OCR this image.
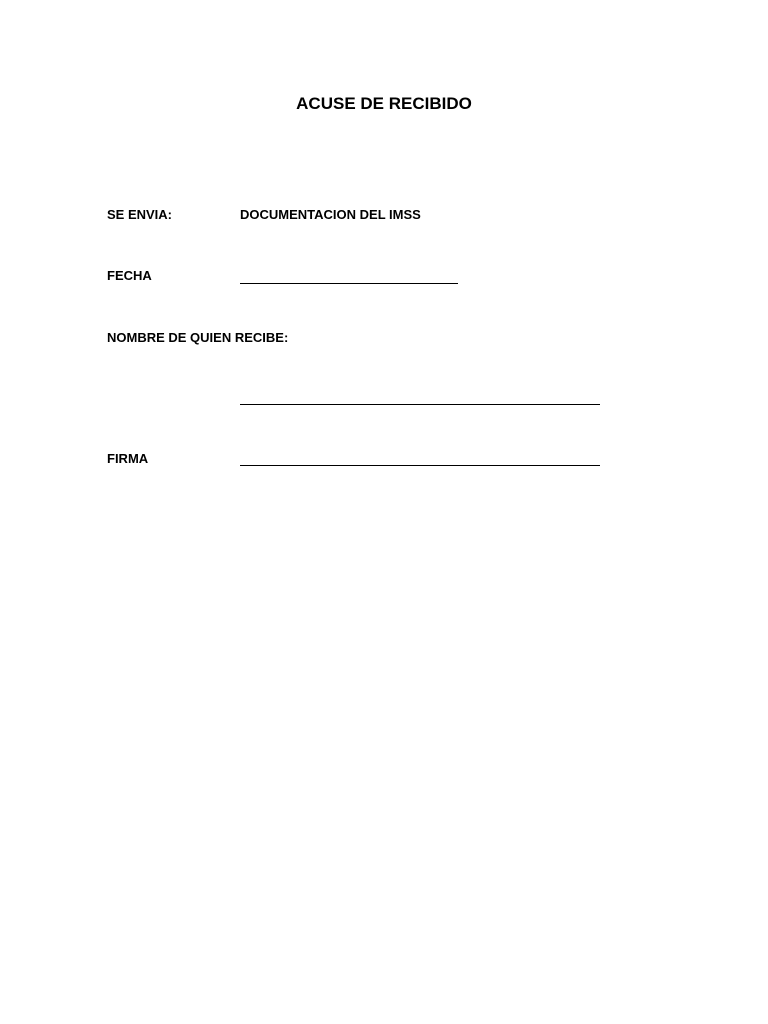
ACUSE DE RECIBIDO
SE ENVIA:	DOCUMENTACION DEL IMSS
FECHA
NOMBRE DE QUIEN RECIBE:
FIRMA
